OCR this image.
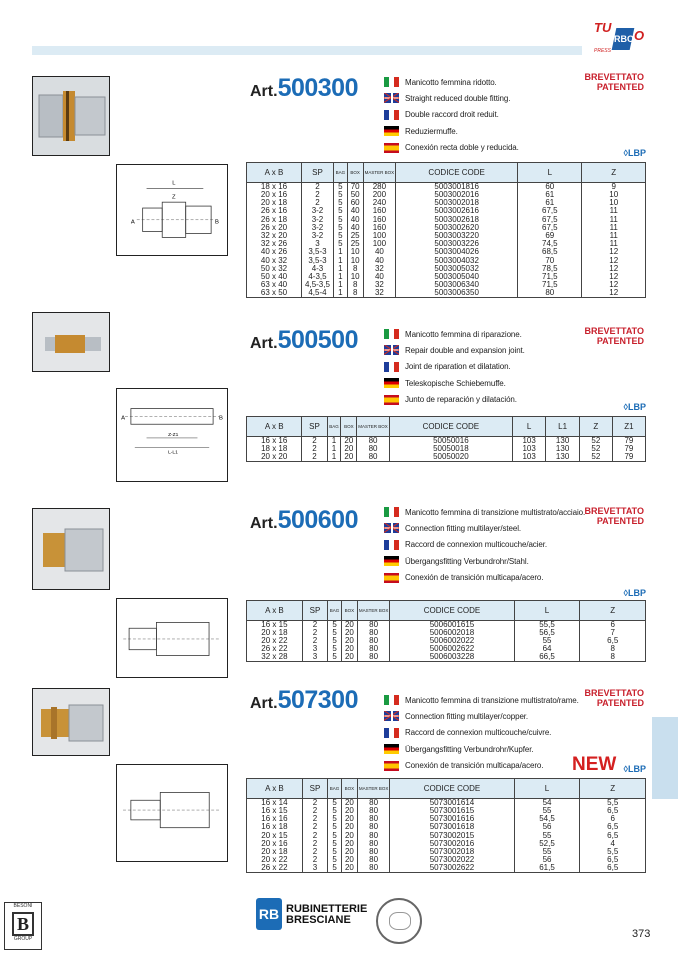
TU
RBO O
PRESS
L
A	B
Z
Art.500300	Manicotto femmina ridotto.
Straight reduced double fitting.
Double raccord droit reduit.
Reduziermuffe.
Conexión recta doble y reducida.
BREVETTATO
PATENTED
◊LBP
A x B	SP	BAG	BOX	MASTER BOX	CODICE CODE	L	Z
18 x 16	2	5	70	280	5003001816	60	9
20 x 16	2	5	50	200	5003002016	61	10
20 x 18	2	5	60	240	5003002018	61	10
26 x 16	3-2	5	40	160	5003002616	67,5	11
26 x 18	3-2	5	40	160	5003002618	67,5	11
26 x 20	3-2	5	40	160	5003002620	67,5	11
32 x 20	3-2	5	25	100	5003003220	69	11
32 x 26	3	5	25	100	5003003226	74,5	11
40 x 26	3,5-3	1	10	40	5003004026	68,5	12
40 x 32	3,5-3	1	10	40	5003004032	70	12
50 x 32	4-3	1	8	32	5003005032	78,5	12
50 x 40	4-3,5	1	10	40	5003005040	71,5	12
63 x 40	4,5-3,5	1	8	32	5003006340	71,5	12
63 x 50	4,5-4	1	8	32	5003006350	80	12
A	B
Z-Z1
L-L1
Art.500500	Manicotto femmina di riparazione.
Repair double and expansion joint.
Joint de riparation et dilatation.
Teleskopische Schiebemuffe.
Junto de reparación y dilatación.
BREVETTATO
PATENTED
◊LBP
A x B	SP	BAG	BOX	MASTER BOX	CODICE CODE	L	L1	Z	Z1
16 x 16	2	1	20	80	50050016	103	130	52	79
18 x 18	2	1	20	80	50050018	103	130	52	79
20 x 20	2	1	20	80	50050020	103	130	52	79
Art.500600	Manicotto femmina di transizione multistrato/acciaio.
Connection fitting multilayer/steel.
Raccord de connexion multicouche/acier.
Übergangsfitting Verbundrohr/Stahl.
Conexión de transición multicapa/acero.
BREVETTATO
PATENTED
◊LBP
A x B	SP	BAG	BOX	MASTER BOX	CODICE CODE	L	Z
16 x 15	2	5	20	80	5006001615	55,5	6
20 x 18	2	5	20	80	5006002018	56,5	7
20 x 22	2	5	20	80	5006002022	55	6,5
26 x 22	3	5	20	80	5006002622	64	8
32 x 28	3	5	20	80	5006003228	66,5	8
Art.507300	Manicotto femmina di transizione multistrato/rame.
Connection fitting multilayer/copper.
Raccord de connexion multicouche/cuivre.
Übergangsfitting Verbundrohr/Kupfer.
Conexión de transición multicapa/acero.
BREVETTATO
PATENTED
NEW ◊LBP
A x B	SP	BAG	BOX	MASTER BOX	CODICE CODE	L	Z
16 x 14	2	5	20	80	5073001614	54	5,5
16 x 15	2	5	20	80	5073001615	55	6,5
16 x 16	2	5	20	80	5073001616	54,5	6
16 x 18	2	5	20	80	5073001618	56	6,5
20 x 15	2	5	20	80	5073002015	55	6,5
20 x 16	2	5	20	80	5073002016	52,5	4
20 x 18	2	5	20	80	5073002018	55	5,5
20 x 22	2	5	20	80	5073002022	56	6,5
26 x 22	3	5	20	80	5073002622	61,5	6,5
BESONI
B
GROUP
RB RUBINETTERIE
BRESCIANE
373
